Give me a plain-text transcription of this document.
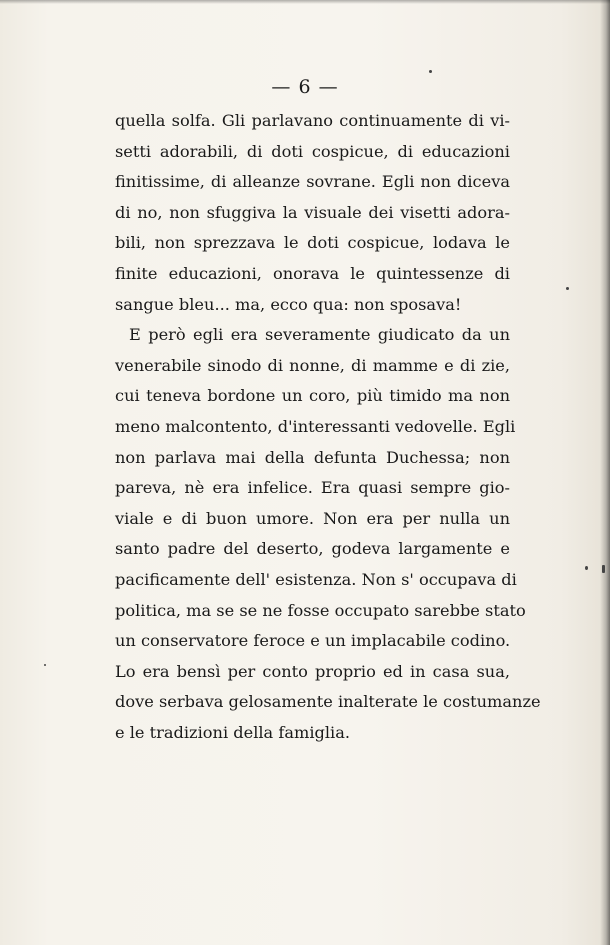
— 6 —
quella solfa. Gli parlavano continuamente di vi-
setti adorabili, di doti cospicue, di educazioni
finitissime, di alleanze sovrane. Egli non diceva
di no, non sfuggiva la visuale dei visetti adora-
bili, non sprezzava le doti cospicue, lodava le
finite educazioni, onorava le quintessenze di
sangue bleu... ma, ecco qua: non sposava!
E però egli era severamente giudicato da un
venerabile sinodo di nonne, di mamme e di zie,
cui teneva bordone un coro, più timido ma non
meno malcontento, d'interessanti vedovelle. Egli
non parlava mai della defunta Duchessa; non
pareva, nè era infelice. Era quasi sempre gio-
viale e di buon umore. Non era per nulla un
santo padre del deserto, godeva largamente e
pacificamente dell' esistenza. Non s' occupava di
politica, ma se se ne fosse occupato sarebbe stato
un conservatore feroce e un implacabile codino.
Lo era bensì per conto proprio ed in casa sua,
dove serbava gelosamente inalterate le costumanze
e le tradizioni della famiglia.
